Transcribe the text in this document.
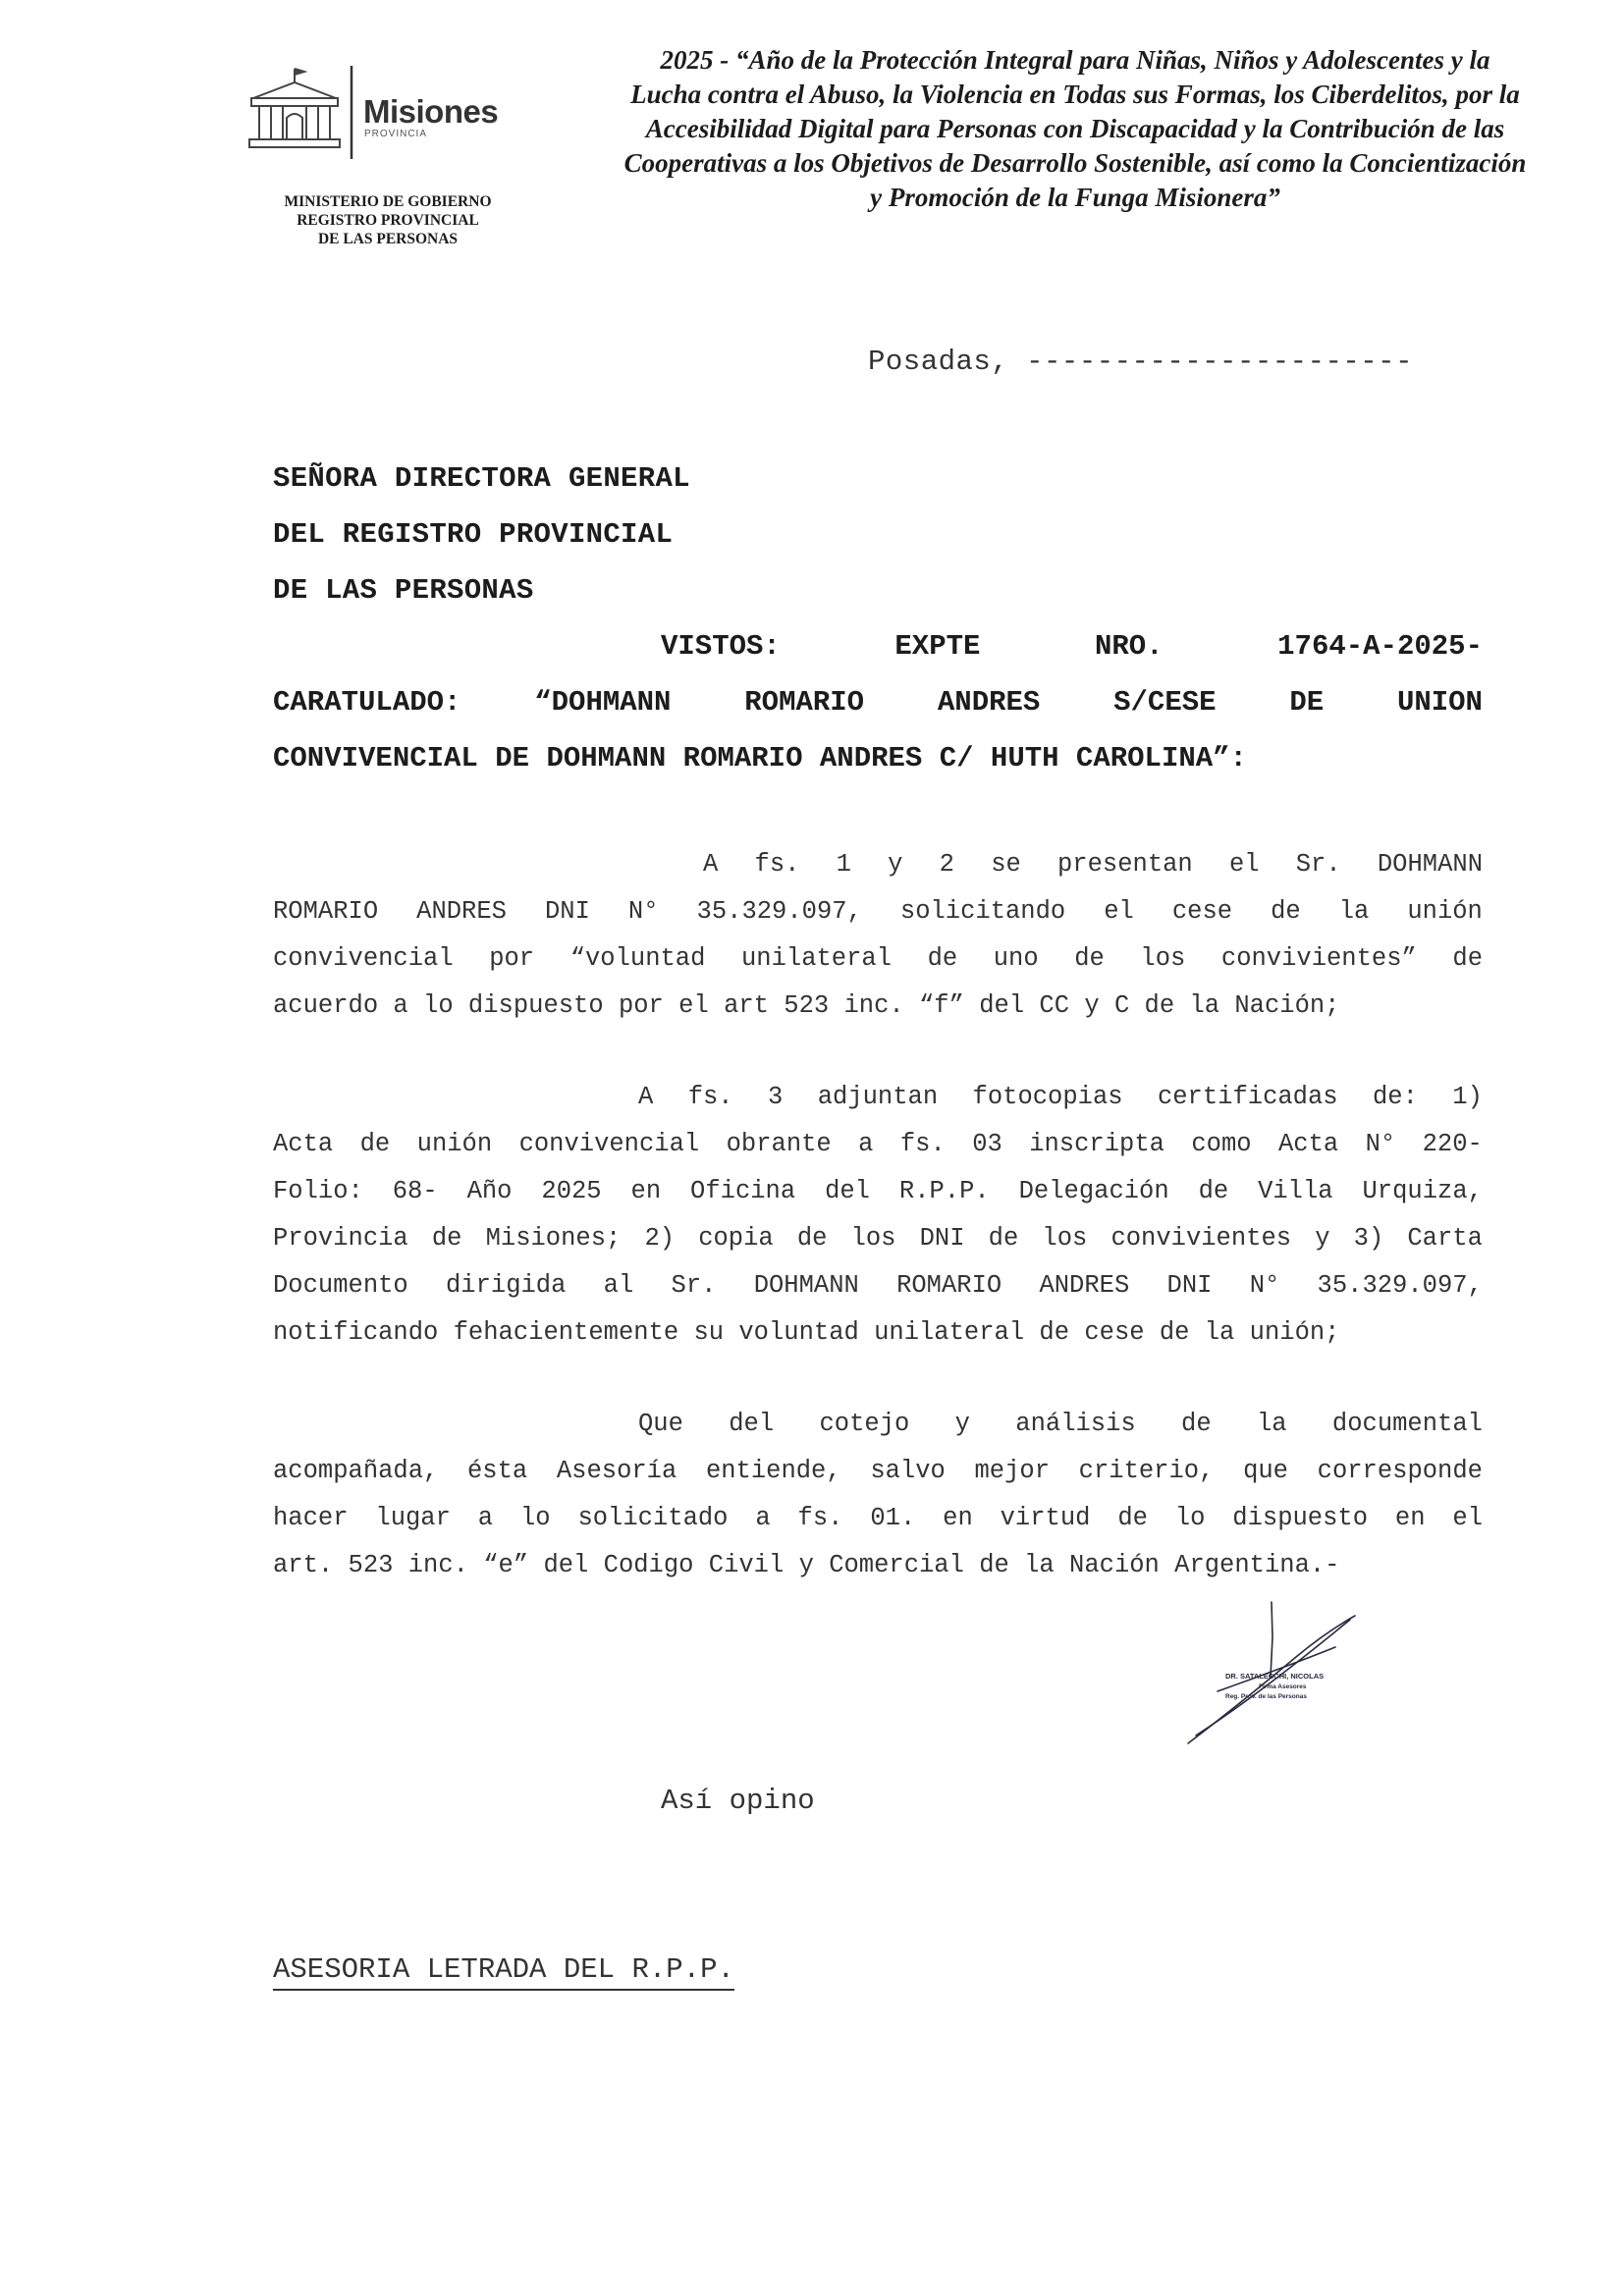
Misiones
PROVINCIA
MINISTERIO DE GOBIERNO
REGISTRO PROVINCIAL
DE LAS PERSONAS
2025 - “Año de la Protección Integral para Niñas, Niños y Adolescentes y la
Lucha contra el Abuso, la Violencia en Todas sus Formas, los Ciberdelitos, por la
Accesibilidad Digital para Personas con Discapacidad y la Contribución de las
Cooperativas a los Objetivos de Desarrollo Sostenible, así como la Concientización
y Promoción de la Funga Misionera”
Posadas, ----------------------
SEÑORA DIRECTORA GENERAL
DEL REGISTRO PROVINCIAL
DE LAS PERSONAS
VISTOS:	EXPTE	NRO.	1764-A-2025-
CARATULADO:	“DOHMANN	ROMARIO	ANDRES	S/CESE	DE	UNION
CONVIVENCIAL DE DOHMANN ROMARIO ANDRES C/ HUTH CAROLINA”:
A fs. 1 y 2 se presentan el Sr. DOHMANN
ROMARIO ANDRES DNI N° 35.329.097, solicitando el cese de la unión
convivencial por “voluntad unilateral de uno de los convivientes” de
acuerdo a lo dispuesto por el art 523 inc. “f” del CC y C de la Nación;
A fs. 3 adjuntan fotocopias certificadas de: 1)
Acta de unión convivencial obrante a fs. 03 inscripta como Acta N° 220-
Folio: 68- Año 2025 en Oficina del R.P.P. Delegación de Villa Urquiza,
Provincia de Misiones; 2) copia de los DNI de los convivientes y 3) Carta
Documento dirigida al Sr. DOHMANN ROMARIO ANDRES DNI N° 35.329.097,
notificando fehacientemente su voluntad unilateral de cese de la unión;
Que del cotejo y análisis de la documental
acompañada, ésta Asesoría entiende, salvo mejor criterio, que corresponde
hacer lugar a lo solicitado a fs. 01. en virtud de lo dispuesto en el
art. 523 inc. “e” del Codigo Civil y Comercial de la Nación Argentina.-
DR. SATALECCHI, NICOLAS
Firma Asesores
Reg. Prov. de las Personas
Así opino
ASESORIA LETRADA DEL R.P.P.
